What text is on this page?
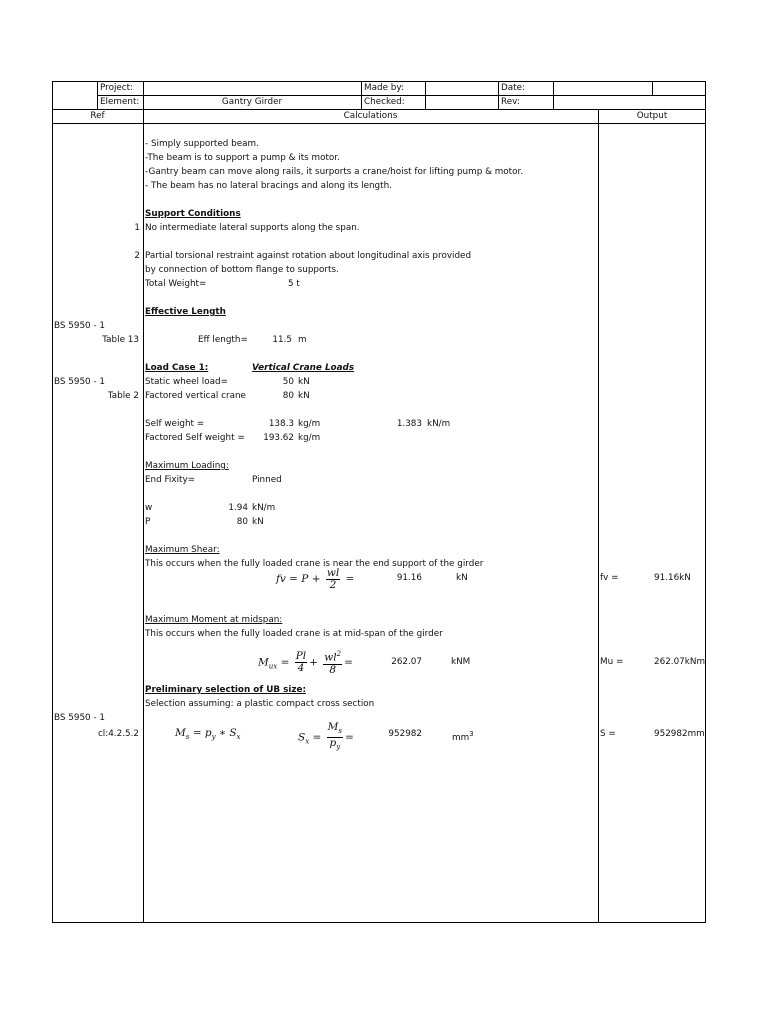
Project:	Made by:	Date:
Element:	Gantry Girder	Checked:	Rev:
Ref	Calculations	Output
- Simply supported beam.
-The beam is to support a pump & its motor.
-Gantry beam can move along rails, it surports a crane/hoist for lifting pump & motor.
- The beam has no lateral bracings and along its length.
Support Conditions
1 No intermediate lateral supports along the span.
2 Partial torsional restraint against rotation about longitudinal axis provided
by connection of bottom flange to supports.
Total Weight=	5 t
Effective Length
BS 5950 - 1
Table 13	Eff length=	11.5 m
Load Case 1:	Vertical Crane Loads
BS 5950 - 1
Table 2
Static wheel load=	50 kN
Factored vertical crane	80 kN
Self weight =	138.3 kg/m	1.383 kN/m
Factored Self weight =	193.62 kg/m
Maximum Loading:
End Fixity=	Pinned
w	1.94 kN/m
P	80 kN
Maximum Shear:
This occurs when the fully loaded crane is near the end support of the girder
fv = $P + \frac{wl}{2}$ =	91.16	kN	fv =	91.16kN
Maximum Moment at midspan:
This occurs when the fully loaded crane is at mid-span of the girder
$M_{ux} = \frac{Pl}{4} + \frac{wl^2}{8}$ =	262.07	kNM	Mu =	262.07kNm
Preliminary selection of UB size:
Selection assuming: a plastic compact cross section
BS 5950 - 1
cl:4.2.5.2	$M_s = p_y$ ∗ $S_x$	$S_x = \frac{M_s}{p_y}$ =	952982	$mm^3$	S =	952982mm
